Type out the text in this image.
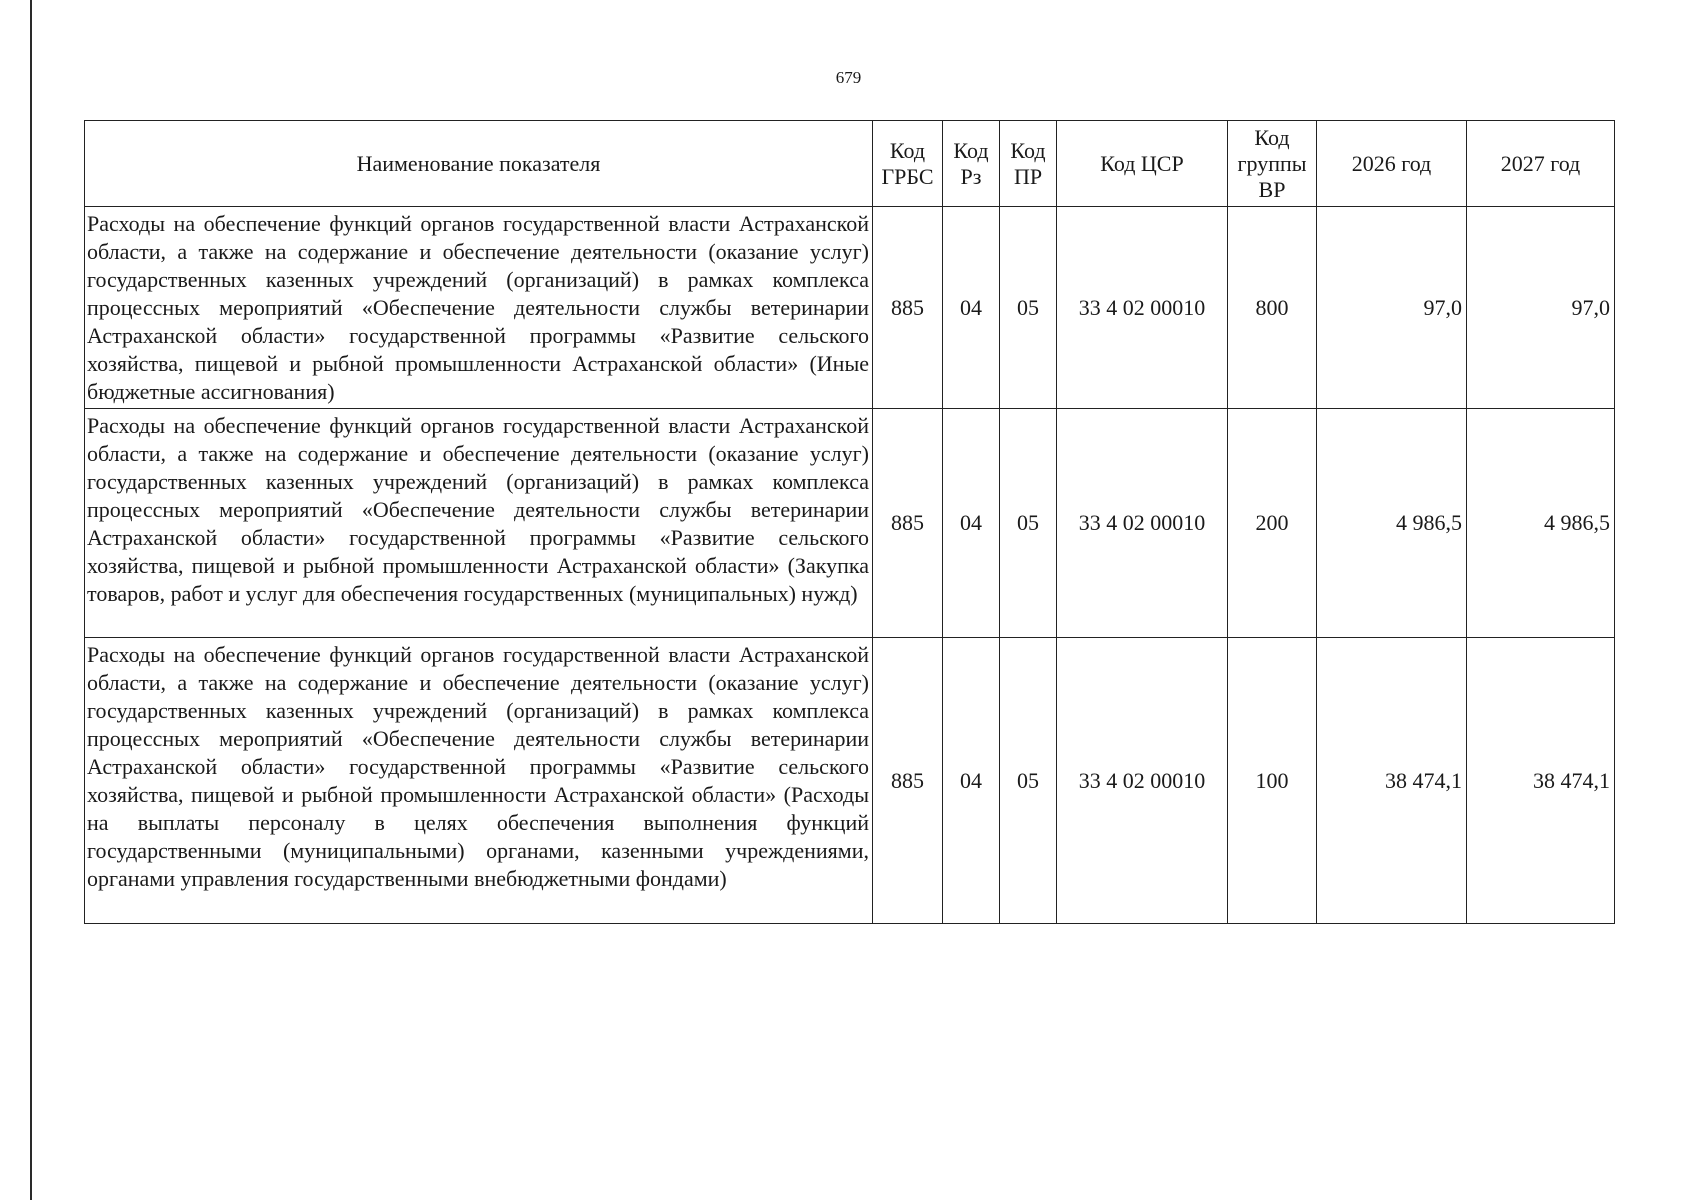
679
Наименование показателя	Код ГРБС	Код Рз	Код ПР	Код ЦСР	Код группы ВР	2026 год	2027 год
Расходы на обеспечение функций органов государственной власти Астраханской области, а также на содержание и обеспечение деятельности (оказание услуг) государственных казенных учреждений (организаций) в рамках комплекса процессных мероприятий «Обеспечение деятельности службы ветеринарии Астраханской области» государственной программы «Развитие сельского хозяйства, пищевой и рыбной промышленности Астраханской области» (Иные бюджетные ассигнования)	885	04	05	33 4 02 00010	800	97,0	97,0
Расходы на обеспечение функций органов государственной власти Астраханской области, а также на содержание и обеспечение деятельности (оказание услуг) государственных казенных учреждений (организаций) в рамках комплекса процессных мероприятий «Обеспечение деятельности службы ветеринарии Астраханской области» государственной программы «Развитие сельского хозяйства, пищевой и рыбной промышленности Астраханской области» (Закупка товаров, работ и услуг для обеспечения государственных (муниципальных) нужд)	885	04	05	33 4 02 00010	200	4 986,5	4 986,5
Расходы на обеспечение функций органов государственной власти Астраханской области, а также на содержание и обеспечение деятельности (оказание услуг) государственных казенных учреждений (организаций) в рамках комплекса процессных мероприятий «Обеспечение деятельности службы ветеринарии Астраханской области» государственной программы «Развитие сельского хозяйства, пищевой и рыбной промышленности Астраханской области» (Расходы на выплаты персоналу в целях обеспечения выполнения функций государственными (муниципальными) органами, казенными учреждениями, органами управления государственными внебюджетными фондами)	885	04	05	33 4 02 00010	100	38 474,1	38 474,1
